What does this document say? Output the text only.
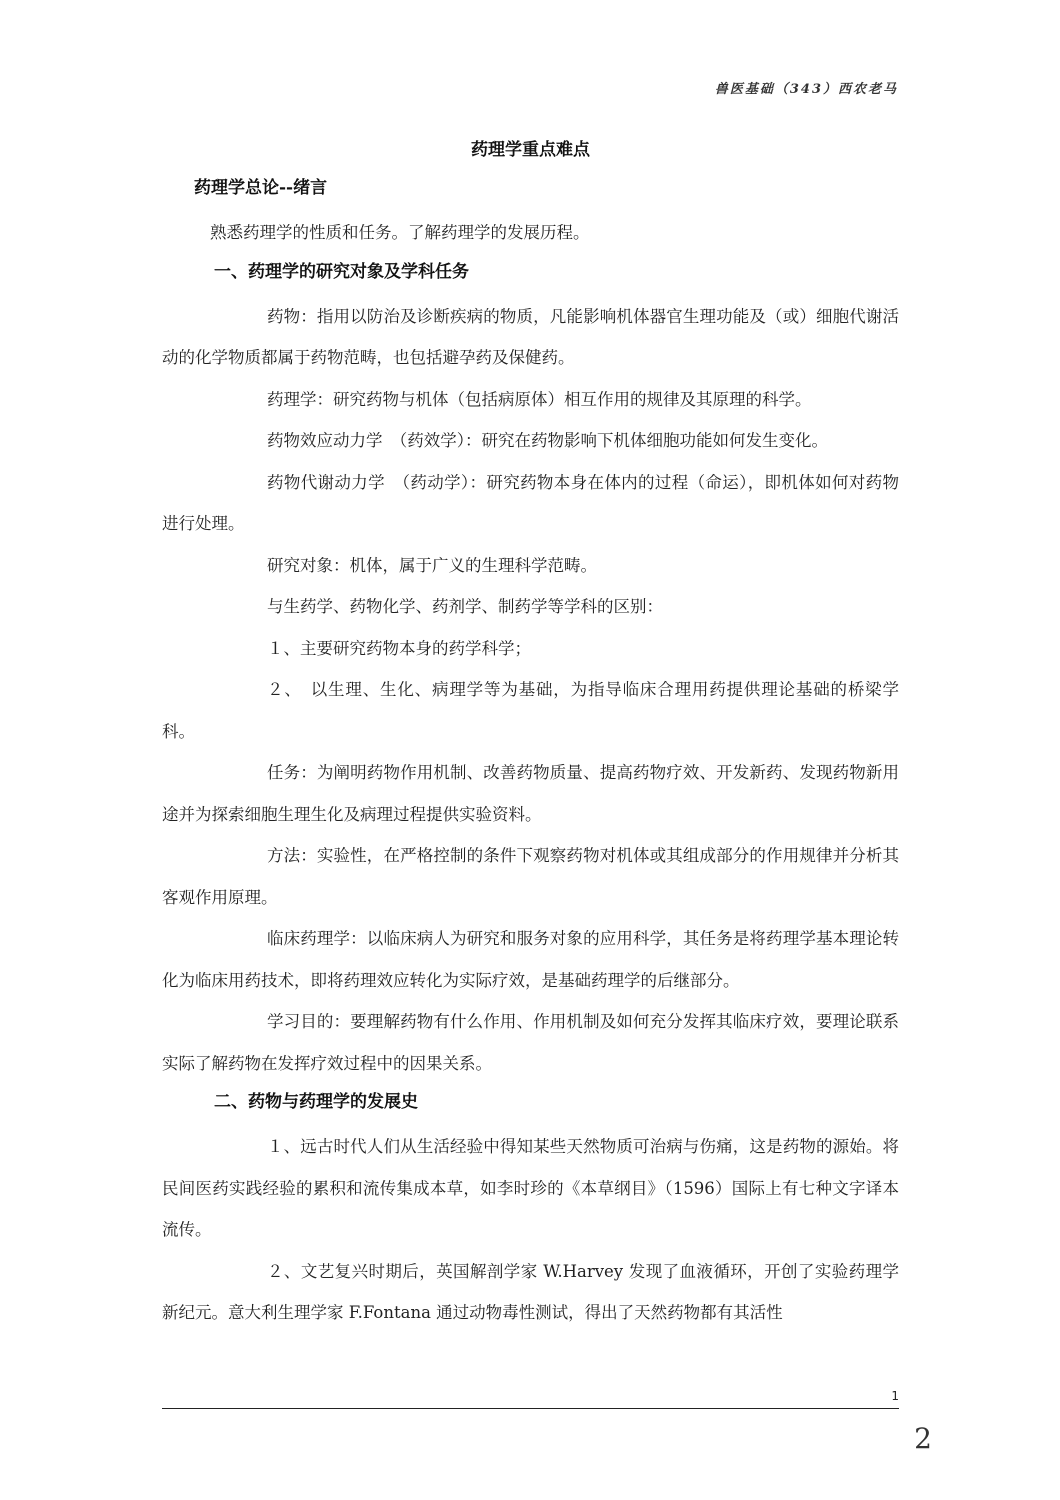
兽医基础（343）西农老马
药理学重点难点
药理学总论--绪言

熟悉药理学的性质和任务。了解药理学的发展历程。

一、药理学的研究对象及学科任务

药物：指用以防治及诊断疾病的物质，凡能影响机体器官生理功能及（或）细胞代谢活动的化学物质都属于药物范畴，也包括避孕药及保健药。

药理学：研究药物与机体（包括病原体）相互作用的规律及其原理的科学。

药物效应动力学　（药效学）：研究在药物影响下机体细胞功能如何发生变化。

药物代谢动力学　（药动学）：研究药物本身在体内的过程（命运），即机体如何对药物进行处理。

研究对象：机体，属于广义的生理科学范畴。

与生药学、药物化学、药剂学、制药学等学科的区别：

１、主要研究药物本身的药学科学；

２、　以生理、生化、病理学等为基础，为指导临床合理用药提供理论基础的桥梁学科。

任务：为阐明药物作用机制、改善药物质量、提高药物疗效、开发新药、发现药物新用途并为探索细胞生理生化及病理过程提供实验资料。

方法：实验性，在严格控制的条件下观察药物对机体或其组成部分的作用规律并分析其客观作用原理。

临床药理学：以临床病人为研究和服务对象的应用科学，其任务是将药理学基本理论转化为临床用药技术，即将药理效应转化为实际疗效，是基础药理学的后继部分。

学习目的：要理解药物有什么作用、作用机制及如何充分发挥其临床疗效，要理论联系实际了解药物在发挥疗效过程中的因果关系。

二、药物与药理学的发展史

１、远古时代人们从生活经验中得知某些天然物质可治病与伤痛，这是药物的源始。将民间医药实践经验的累积和流传集成本草，如李时珍的《本草纲目》（1596）国际上有七种文字译本流传。

２、文艺复兴时期后，英国解剖学家 W.Harvey 发现了血液循环，开创了实验药理学新纪元。意大利生理学家 F.Fontana 通过动物毒性测试，得出了天然药物都有其活性

1
2
